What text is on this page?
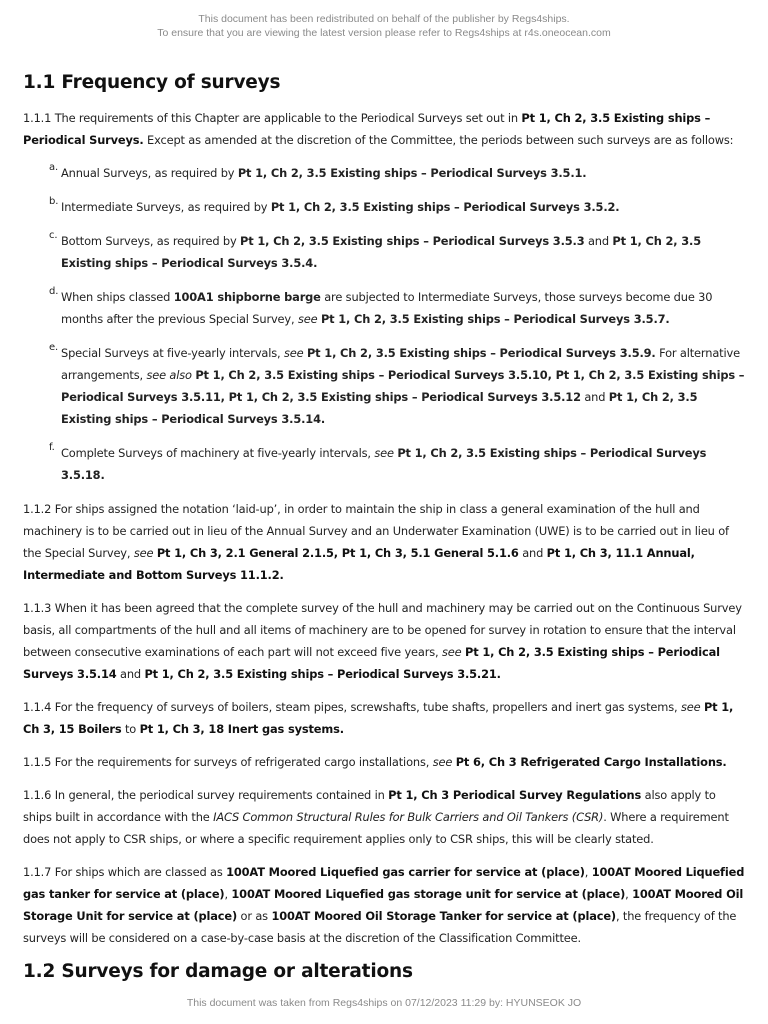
This document has been redistributed on behalf of the publisher by Regs4ships.
To ensure that you are viewing the latest version please refer to Regs4ships at r4s.oneocean.com
1.1 Frequency of surveys

1.1.1 The requirements of this Chapter are applicable to the Periodical Surveys set out in Pt 1, Ch 2, 3.5 Existing ships – Periodical Surveys. Except as amended at the discretion of the Committee, the periods between such surveys are as follows:

a. Annual Surveys, as required by Pt 1, Ch 2, 3.5 Existing ships – Periodical Surveys 3.5.1.
b. Intermediate Surveys, as required by Pt 1, Ch 2, 3.5 Existing ships – Periodical Surveys 3.5.2.
c. Bottom Surveys, as required by Pt 1, Ch 2, 3.5 Existing ships – Periodical Surveys 3.5.3 and Pt 1, Ch 2, 3.5 Existing ships – Periodical Surveys 3.5.4.
d. When ships classed 100A1 shipborne barge are subjected to Intermediate Surveys, those surveys become due 30 months after the previous Special Survey, see Pt 1, Ch 2, 3.5 Existing ships – Periodical Surveys 3.5.7.
e. Special Surveys at five-yearly intervals, see Pt 1, Ch 2, 3.5 Existing ships – Periodical Surveys 3.5.9. For alternative arrangements, see also Pt 1, Ch 2, 3.5 Existing ships – Periodical Surveys 3.5.10, Pt 1, Ch 2, 3.5 Existing ships – Periodical Surveys 3.5.11, Pt 1, Ch 2, 3.5 Existing ships – Periodical Surveys 3.5.12 and Pt 1, Ch 2, 3.5 Existing ships – Periodical Surveys 3.5.14.
f. Complete Surveys of machinery at five-yearly intervals, see Pt 1, Ch 2, 3.5 Existing ships – Periodical Surveys 3.5.18.

1.1.2 For ships assigned the notation ‘laid-up’, in order to maintain the ship in class a general examination of the hull and machinery is to be carried out in lieu of the Annual Survey and an Underwater Examination (UWE) is to be carried out in lieu of the Special Survey, see Pt 1, Ch 3, 2.1 General 2.1.5, Pt 1, Ch 3, 5.1 General 5.1.6 and Pt 1, Ch 3, 11.1 Annual, Intermediate and Bottom Surveys 11.1.2.

1.1.3 When it has been agreed that the complete survey of the hull and machinery may be carried out on the Continuous Survey basis, all compartments of the hull and all items of machinery are to be opened for survey in rotation to ensure that the interval between consecutive examinations of each part will not exceed five years, see Pt 1, Ch 2, 3.5 Existing ships – Periodical Surveys 3.5.14 and Pt 1, Ch 2, 3.5 Existing ships – Periodical Surveys 3.5.21.

1.1.4 For the frequency of surveys of boilers, steam pipes, screwshafts, tube shafts, propellers and inert gas systems, see Pt 1, Ch 3, 15 Boilers to Pt 1, Ch 3, 18 Inert gas systems.

1.1.5 For the requirements for surveys of refrigerated cargo installations, see Pt 6, Ch 3 Refrigerated Cargo Installations.

1.1.6 In general, the periodical survey requirements contained in Pt 1, Ch 3 Periodical Survey Regulations also apply to ships built in accordance with the IACS Common Structural Rules for Bulk Carriers and Oil Tankers (CSR). Where a requirement does not apply to CSR ships, or where a specific requirement applies only to CSR ships, this will be clearly stated.

1.1.7 For ships which are classed as 100AT Moored Liquefied gas carrier for service at (place), 100AT Moored Liquefied gas tanker for service at (place), 100AT Moored Liquefied gas storage unit for service at (place), 100AT Moored Oil Storage Unit for service at (place) or as 100AT Moored Oil Storage Tanker for service at (place), the frequency of the surveys will be considered on a case-by-case basis at the discretion of the Classification Committee.

1.2 Surveys for damage or alterations
This document was taken from Regs4ships on 07/12/2023 11:29 by: HYUNSEOK JO
